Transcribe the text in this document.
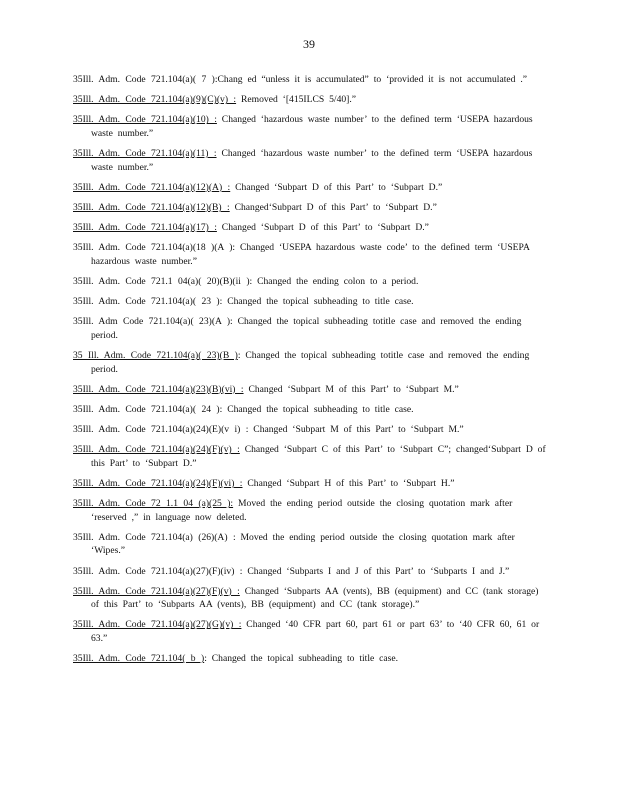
39

35Ill. Adm. Code 721.104(a)( 7 ):Chang ed “unless it is accumulated” to ‘provided it is not accumulated .”

35Ill. Adm. Code 721.104(a)(9)(C)(v) : Removed ‘[415ILCS 5/40].”

35Ill. Adm. Code 721.104(a)(10) : Changed ‘hazardous waste number’ to the defined term ‘USEPA hazardous waste number.”

35Ill. Adm. Code 721.104(a)(11) : Changed ‘hazardous waste number’ to the defined term ‘USEPA hazardous waste number.”

35Ill. Adm. Code 721.104(a)(12)(A) : Changed ‘Subpart D of this Part’ to ‘Subpart D.”

35Ill. Adm. Code 721.104(a)(12)(B) : Changed‘Subpart D of this Part’ to ‘Subpart D.”

35Ill. Adm. Code 721.104(a)(17) : Changed ‘Subpart D of this Part’ to ‘Subpart D.”

35Ill. Adm. Code 721.104(a)(18 )(A ): Changed ‘USEPA hazardous waste code’ to the defined term ‘USEPA hazardous waste number.”

35Ill. Adm. Code 721.1 04(a)( 20)(B)(ii ): Changed the ending colon to a period.

35Ill. Adm. Code 721.104(a)( 23 ): Changed the topical subheading to title case.

35Ill. Adm Code 721.104(a)( 23)(A ): Changed the topical subheading totitle case and removed the ending period.

35 Ill. Adm. Code 721.104(a)( 23)(B ): Changed the topical subheading totitle case and removed the ending period.

35Ill. Adm. Code 721.104(a)(23)(B)(vi) : Changed ‘Subpart M of this Part’ to ‘Subpart M.”

35Ill. Adm. Code 721.104(a)( 24 ): Changed the topical subheading to title case.

35Ill. Adm. Code 721.104(a)(24)(E)(v i) : Changed ‘Subpart M of this Part’ to ‘Subpart M.”

35Ill. Adm. Code 721.104(a)(24)(F)(v) : Changed ‘Subpart C of this Part’ to ‘Subpart C”; changed‘Subpart D of this Part’ to ‘Subpart D.”

35Ill. Adm. Code 721.104(a)(24)(F)(vi) : Changed ‘Subpart H of this Part’ to ‘Subpart H.”

35Ill. Adm. Code 72 1.1 04 (a)(25 ): Moved the ending period outside the closing quotation mark after ‘reserved ,” in language now deleted.

35Ill. Adm. Code 721.104(a) (26)(A) : Moved the ending period outside the closing quotation mark after ‘Wipes.”

35Ill. Adm. Code 721.104(a)(27)(F)(iv) : Changed ‘Subparts I and J of this Part’ to ‘Subparts I and J.”

35Ill. Adm. Code 721.104(a)(27)(F)(v) : Changed ‘Subparts AA (vents), BB (equipment) and CC (tank storage) of this Part’ to ‘Subparts AA (vents), BB (equipment) and CC (tank storage).”

35Ill. Adm. Code 721.104(a)(27)(G)(v) : Changed ‘40 CFR part 60, part 61 or part 63’ to ‘40 CFR 60, 61 or 63.”

35Ill. Adm. Code 721.104( b ): Changed the topical subheading to title case.
